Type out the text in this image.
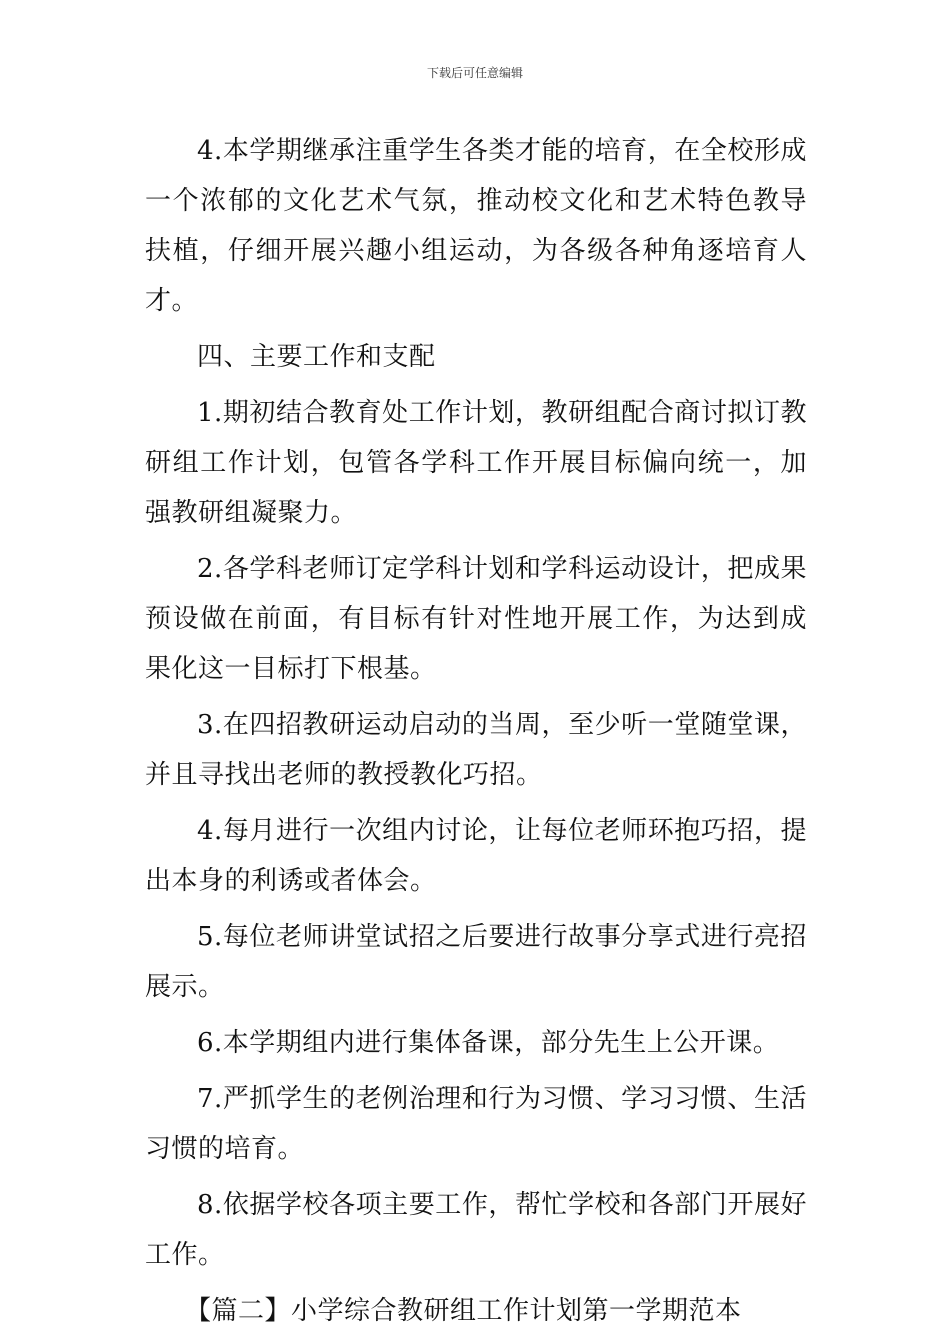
下载后可任意编辑

4.本学期继承注重学生各类才能的培育，在全校形成一个浓郁的文化艺术气氛，推动校文化和艺术特色教导扶植，仔细开展兴趣小组运动，为各级各种角逐培育人才。

四、主要工作和支配

1.期初结合教育处工作计划，教研组配合商讨拟订教研组工作计划，包管各学科工作开展目标偏向统一，加强教研组凝聚力。

2.各学科老师订定学科计划和学科运动设计，把成果预设做在前面，有目标有针对性地开展工作，为达到成果化这一目标打下根基。

3.在四招教研运动启动的当周，至少听一堂随堂课，并且寻找出老师的教授教化巧招。

4.每月进行一次组内讨论，让每位老师环抱巧招，提出本身的利诱或者体会。

5.每位老师讲堂试招之后要进行故事分享式进行亮招展示。

6.本学期组内进行集体备课，部分先生上公开课。

7.严抓学生的老例治理和行为习惯、学习习惯、生活习惯的培育。

8.依据学校各项主要工作，帮忙学校和各部门开展好工作。

【篇二】小学综合教研组工作计划第一学期范本
